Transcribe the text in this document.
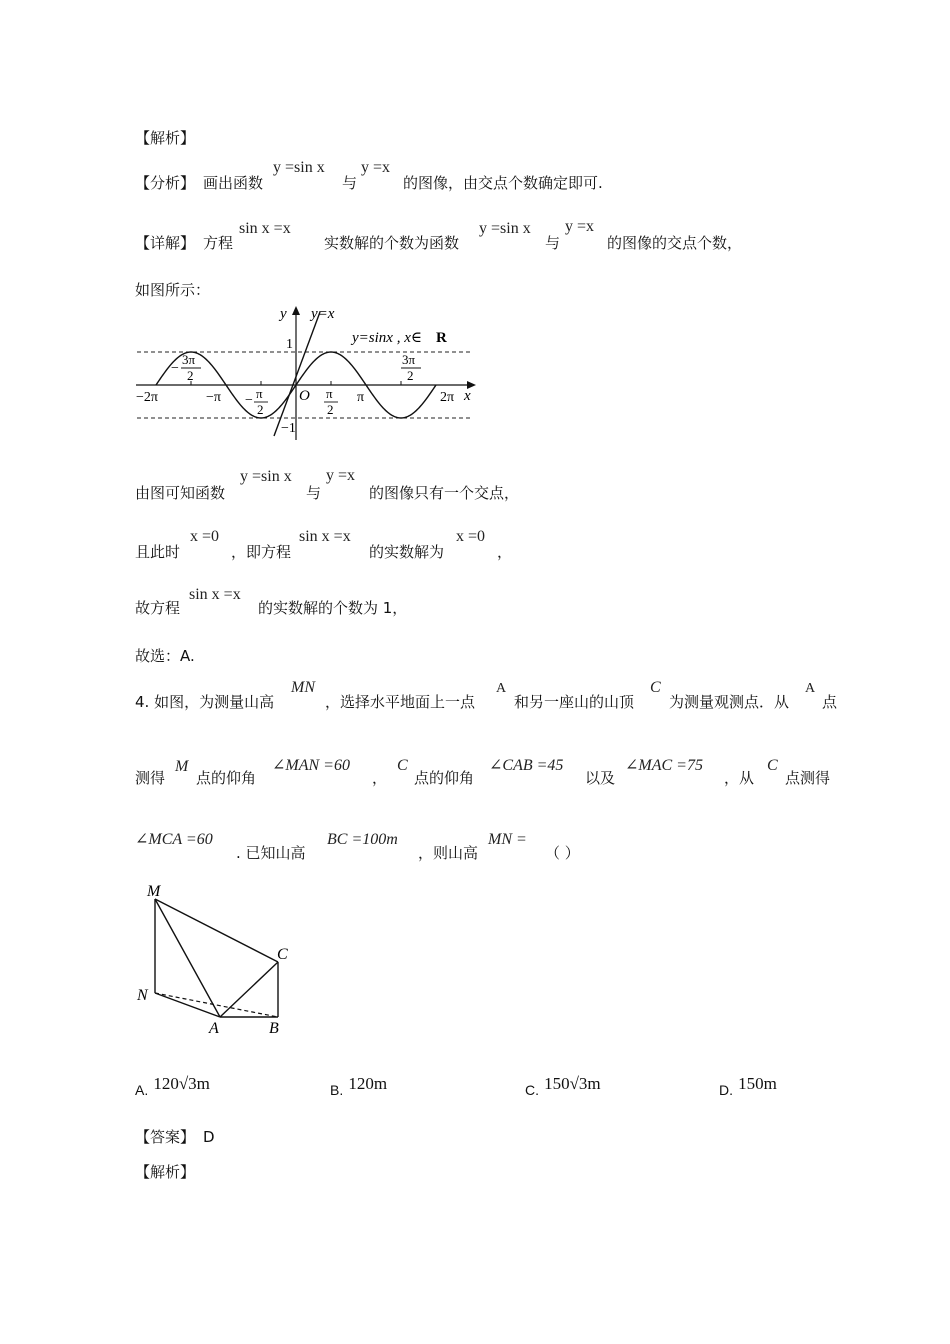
【解析】
【分析】 画出函数
y =sin x
与
y =x
的图像，由交点个数确定即可.
【详解】 方程
sin x =x
实数解的个数为函数
y =sin x
与
y =x
的图像的交点个数，
如图所示：
y y=x
y=sinx , x∈ R
1
−1
O	x
−
3π
2
3π
2
− π
2
π
2
−2π	−π	π	2π
由图可知函数
y =sin x
与
y =x
的图像只有一个交点，
且此时
x =0
，即方程
sin x =x
的实数解为
x =0
，
故方程
sin x =x
的实数解的个数为 1，
故选：A.
4. 如图，为测量山高
MN
，选择水平地面上一点
A
和另一座山的山顶
C
为测量观测点．从
A
点
测得
M
点的仰角
∠MAN =60
，
C
点的仰角
∠CAB =45
以及
∠MAC =75
，从
C
点测得
∠MCA =60
. 已知山高
BC =100m
，则山高
MN =
（ ）
M
N
A	B
C
A. 120√3m	B. 120m	C. 150√3m	D. 150m
【答案】 D
【解析】
